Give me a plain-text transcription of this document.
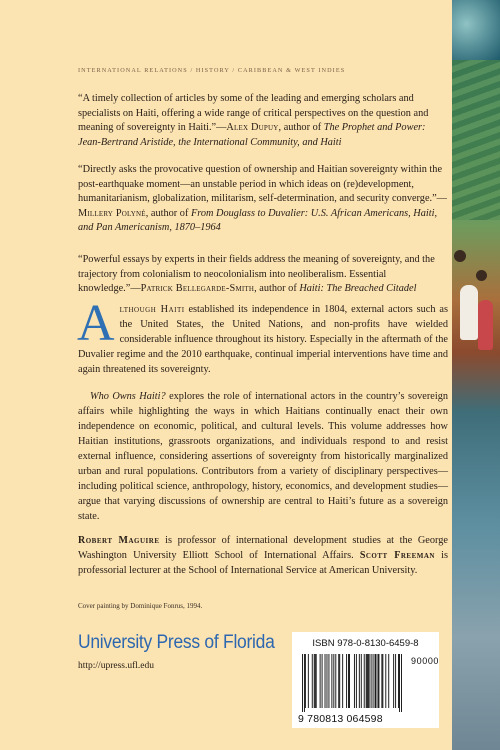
INTERNATIONAL RELATIONS / HISTORY / CARIBBEAN & WEST INDIES
“A timely collection of articles by some of the leading and emerging scholars and specialists on Haiti, offering a wide range of critical perspectives on the question and meaning of sovereignty in Haiti.”—Alex Dupuy, author of The Prophet and Power: Jean-Bertrand Aristide, the International Community, and Haiti
“Directly asks the provocative question of ownership and Haitian sovereignty within the post-earthquake moment—an unstable period in which ideas on (re)development, humanitarianism, globalization, militarism, self-determination, and security converge.”—Millery Polyné, author of From Douglass to Duvalier: U.S. African Americans, Haiti, and Pan Americanism, 1870–1964
“Powerful essays by experts in their fields address the meaning of sovereignty, and the trajectory from colonialism to neocolonialism into neoliberalism. Essential knowledge.”—Patrick Bellegarde-Smith, author of Haiti: The Breached Citadel
Although Haiti established its independence in 1804, external actors such as the United States, the United Nations, and non-profits have wielded considerable influence throughout its history. Especially in the aftermath of the Duvalier regime and the 2010 earthquake, continual imperial interventions have time and again threatened its sovereignty.
Who Owns Haiti? explores the role of international actors in the country’s sovereign affairs while highlighting the ways in which Haitians continually enact their own independence on economic, political, and cultural levels. This volume addresses how Haitian institutions, grassroots organizations, and individuals respond to and resist external influence, considering assertions of sovereignty from historically marginalized urban and rural populations. Contributors from a variety of disciplinary perspectives—including political science, anthropology, history, economics, and development studies—argue that varying discussions of ownership are central to Haiti’s future as a sovereign state.
Robert Maguire is professor of international development studies at the George Washington University Elliott School of International Affairs. Scott Freeman is professorial lecturer at the School of International Service at American University.
Cover painting by Dominique Fonrus, 1994.
University Press of Florida
http://upress.ufl.edu
ISBN 978-0-8130-6459-8
90000
9 780813 064598
